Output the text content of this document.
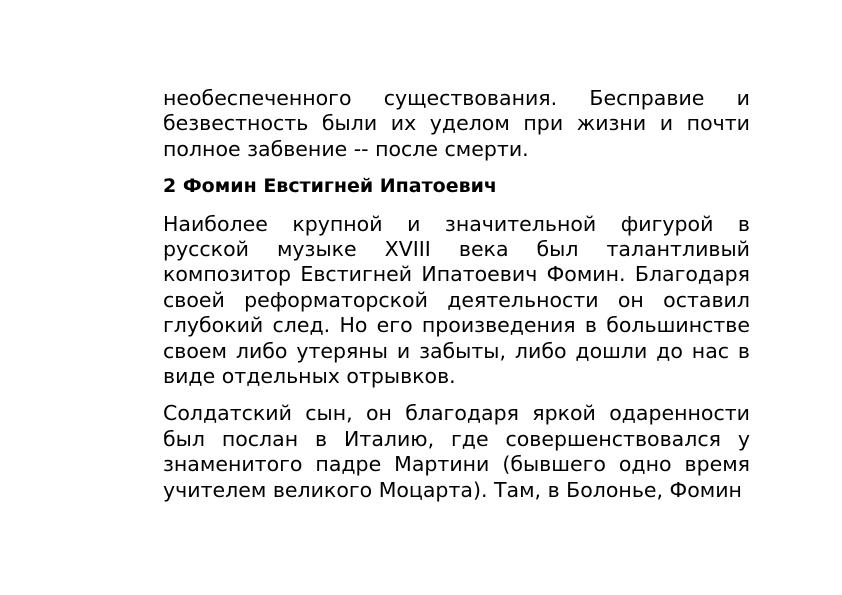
необеспеченного существования. Бесправие и безвестность были их уделом при жизни и почти полное забвение -- после смерти.

2 Фомин Евстигней Ипатоевич

Наиболее крупной и значительной фигурой в русской музыке XVIII века был талантливый композитор Евстигней Ипатоевич Фомин. Благодаря своей реформаторской деятельности он оставил глубокий след. Но его произведения в большинстве своем либо утеряны и забыты, либо дошли до нас в виде отдельных отрывков.

Солдатский сын, он благодаря яркой одаренности был послан в Италию, где совершенствовался у знаменитого падре Мартини (бывшего одно время учителем великого Моцарта). Там, в Болонье, Фомин
